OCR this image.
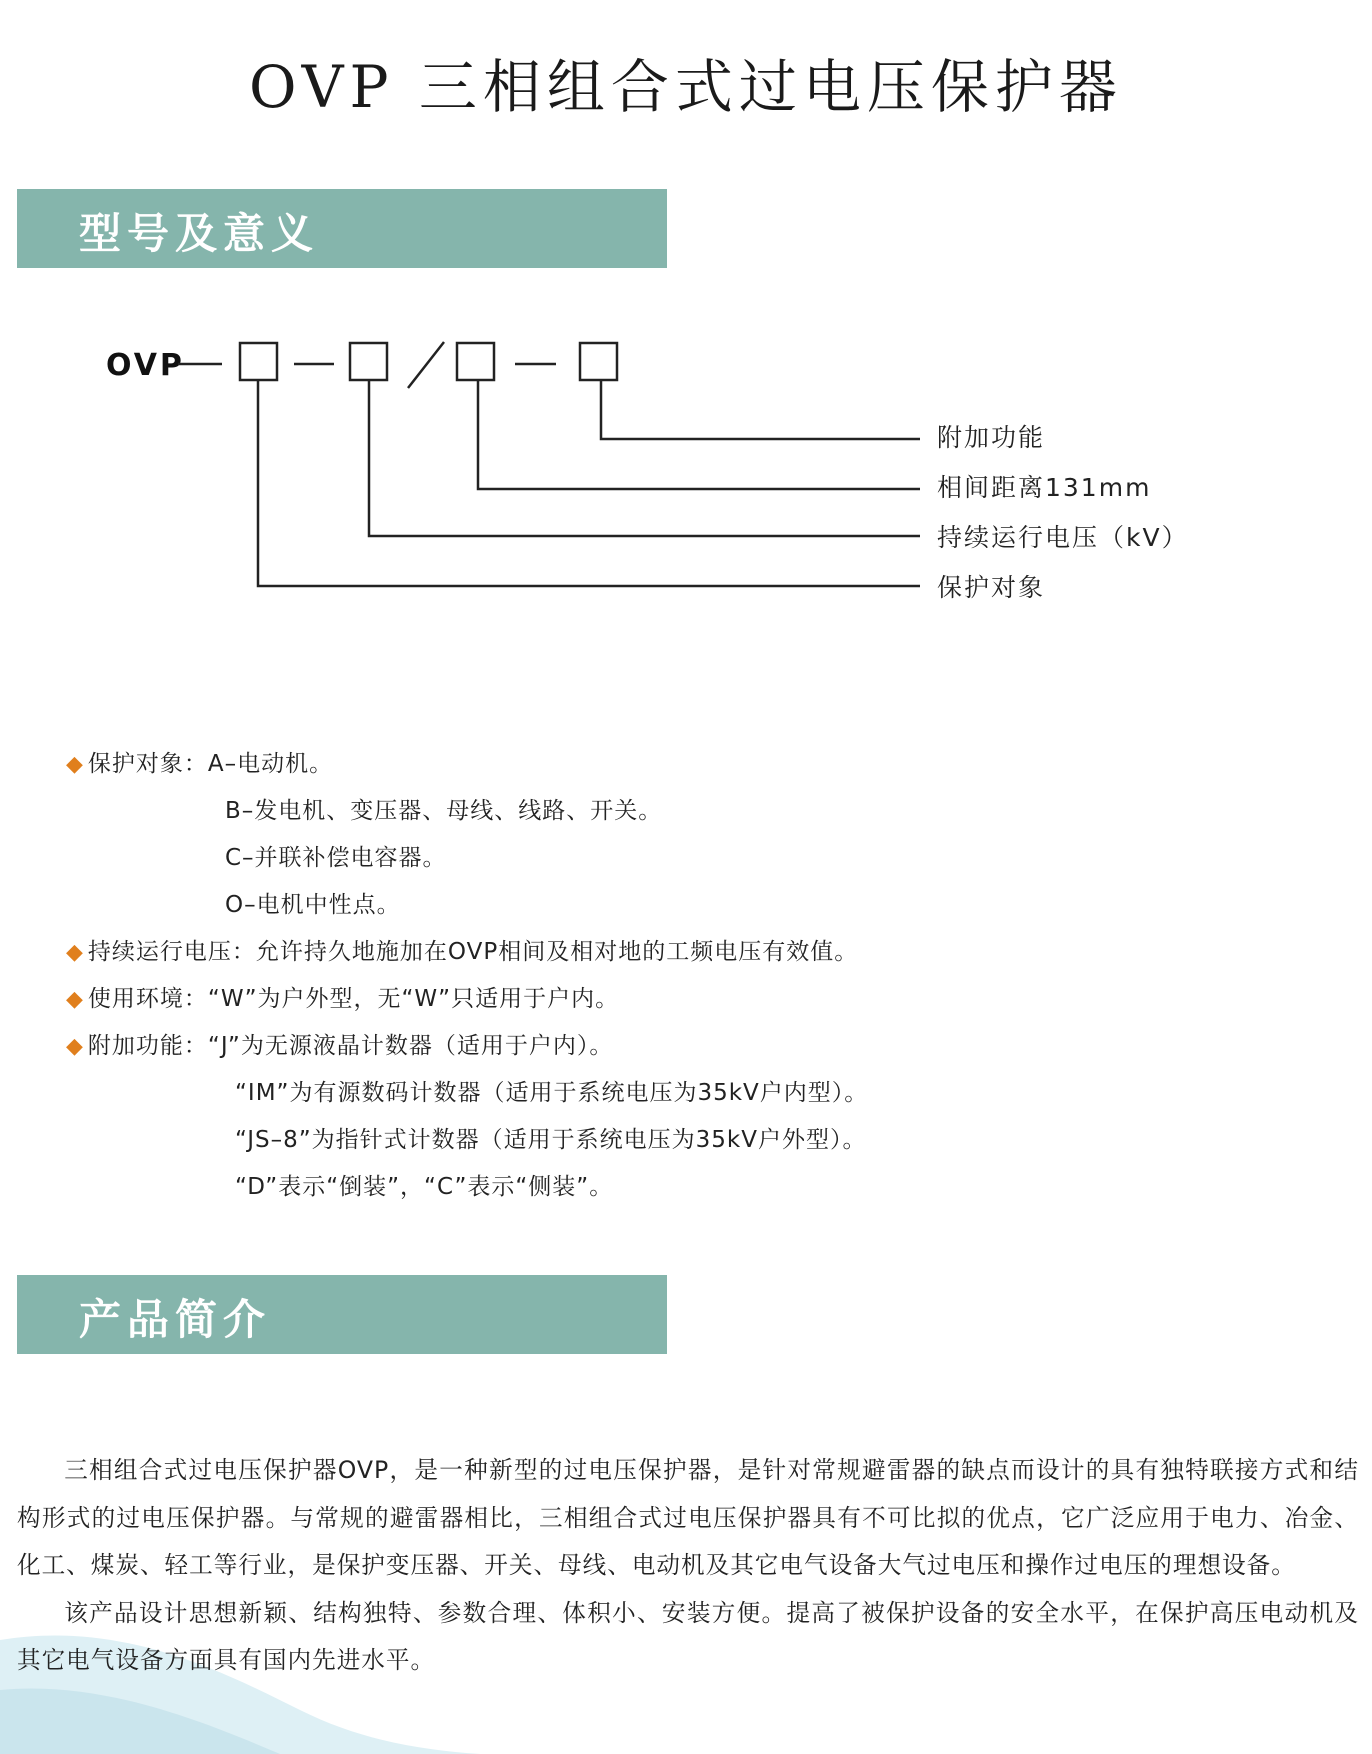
OVP 三相组合式过电压保护器
型号及意义
OVP
附加功能
相间距离131mm
持续运行电压（kV）
保护对象
◆ 保护对象：A–电动机。
B–发电机、变压器、母线、线路、开关。
C–并联补偿电容器。
O–电机中性点。
◆ 持续运行电压：允许持久地施加在OVP相间及相对地的工频电压有效值。
◆ 使用环境：“W”为户外型，无“W”只适用于户内。
◆ 附加功能：“J”为无源液晶计数器（适用于户内）。
“IM”为有源数码计数器（适用于系统电压为35kV户内型）。
“JS–8”为指针式计数器（适用于系统电压为35kV户外型）。
“D”表示“倒装”，“C”表示“侧装”。
产品简介

三相组合式过电压保护器OVP，是一种新型的过电压保护器，是针对常规避雷器的缺点而设计的具有独特联接方式和结构形式的过电压保护器。与常规的避雷器相比，三相组合式过电压保护器具有不可比拟的优点，它广泛应用于电力、冶金、化工、煤炭、轻工等行业，是保护变压器、开关、母线、电动机及其它电气设备大气过电压和操作过电压的理想设备。

该产品设计思想新颖、结构独特、参数合理、体积小、安装方便。提高了被保护设备的安全水平，在保护高压电动机及其它电气设备方面具有国内先进水平。
